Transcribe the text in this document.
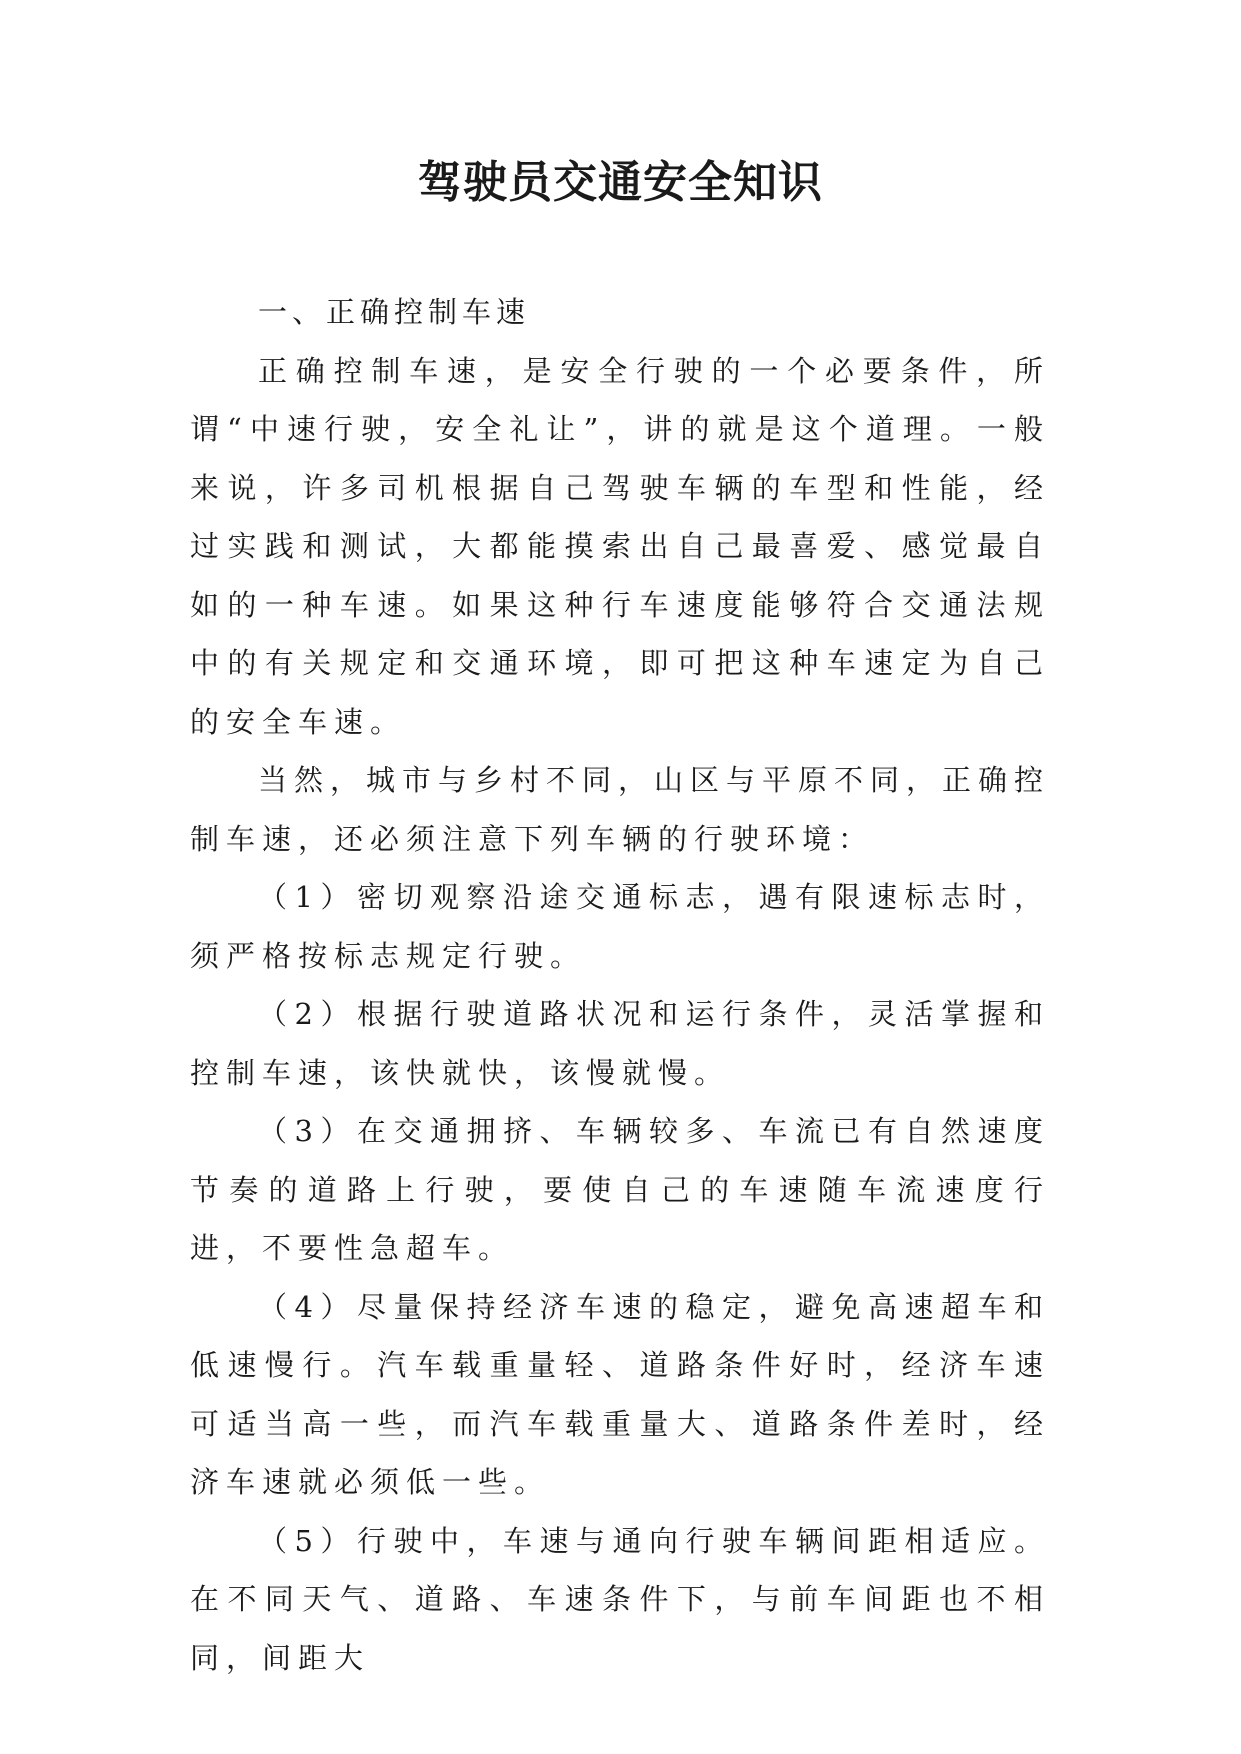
驾驶员交通安全知识

一、正确控制车速

正确控制车速，是安全行驶的一个必要条件，所谓“中速行驶，安全礼让”，讲的就是这个道理。一般来说，许多司机根据自己驾驶车辆的车型和性能，经过实践和测试，大都能摸索出自己最喜爱、感觉最自如的一种车速。如果这种行车速度能够符合交通法规中的有关规定和交通环境，即可把这种车速定为自己的安全车速。

当然，城市与乡村不同，山区与平原不同，正确控制车速，还必须注意下列车辆的行驶环境：

（1）密切观察沿途交通标志，遇有限速标志时，须严格按标志规定行驶。

（2）根据行驶道路状况和运行条件，灵活掌握和控制车速，该快就快，该慢就慢。

（3）在交通拥挤、车辆较多、车流已有自然速度节奏的道路上行驶，要使自己的车速随车流速度行进，不要性急超车。

（4）尽量保持经济车速的稳定，避免高速超车和低速慢行。汽车载重量轻、道路条件好时，经济车速可适当高一些，而汽车载重量大、道路条件差时，经济车速就必须低一些。

（5）行驶中，车速与通向行驶车辆间距相适应。在不同天气、道路、车速条件下，与前车间距也不相同，间距大
